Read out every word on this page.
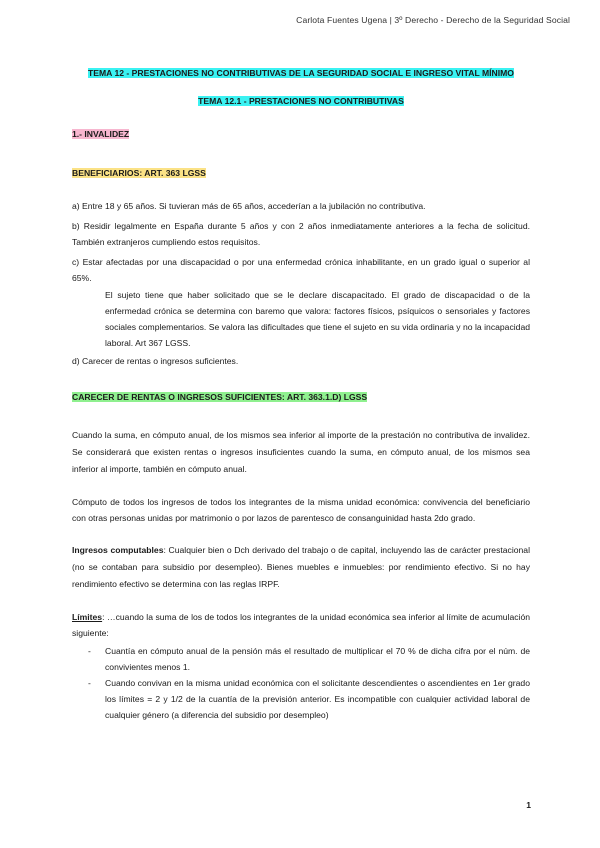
Carlota Fuentes Ugena | 3º Derecho - Derecho de la Seguridad Social
TEMA 12 - PRESTACIONES NO CONTRIBUTIVAS DE LA SEGURIDAD SOCIAL E INGRESO VITAL MÍNIMO
TEMA 12.1 - PRESTACIONES NO CONTRIBUTIVAS
1.- INVALIDEZ
BENEFICIARIOS: ART. 363 LGSS

a) Entre 18 y 65 años. Si tuvieran más de 65 años, accederían a la jubilación no contributiva.

b) Residir legalmente en España durante 5 años y con 2 años inmediatamente anteriores a la fecha de solicitud. También extranjeros cumpliendo estos requisitos.

c) Estar afectadas por una discapacidad o por una enfermedad crónica inhabilitante, en un grado igual o superior al 65%.

El sujeto tiene que haber solicitado que se le declare discapacitado. El grado de discapacidad o de la enfermedad crónica se determina con baremo que valora: factores físicos, psíquicos o sensoriales y factores sociales complementarios. Se valora las dificultades que tiene el sujeto en su vida ordinaria y no la incapacidad laboral. Art 367 LGSS.

d) Carecer de rentas o ingresos suficientes.

CARECER DE RENTAS O INGRESOS SUFICIENTES: ART. 363.1.D) LGSS

Cuando la suma, en cómputo anual, de los mismos sea inferior al importe de la prestación no contributiva de invalidez. Se considerará que existen rentas o ingresos insuficientes cuando la suma, en cómputo anual, de los mismos sea inferior al importe, también en cómputo anual.

Cómputo de todos los ingresos de todos los integrantes de la misma unidad económica: convivencia del beneficiario con otras personas unidas por matrimonio o por lazos de parentesco de consanguinidad hasta 2do grado.

Ingresos computables: Cualquier bien o Dch derivado del trabajo o de capital, incluyendo las de carácter prestacional (no se contaban para subsidio por desempleo). Bienes muebles e inmuebles: por rendimiento efectivo. Si no hay rendimiento efectivo se determina con las reglas IRPF.

Límites: …cuando la suma de los de todos los integrantes de la unidad económica sea inferior al límite de acumulación siguiente:

- Cuantía en cómputo anual de la pensión más el resultado de multiplicar el 70 % de dicha cifra por el núm. de convivientes menos 1.
- Cuando convivan en la misma unidad económica con el solicitante descendientes o ascendientes en 1er grado los límites = 2 y 1/2 de la cuantía de la previsión anterior. Es incompatible con cualquier actividad laboral de cualquier género (a diferencia del subsidio por desempleo)
1
